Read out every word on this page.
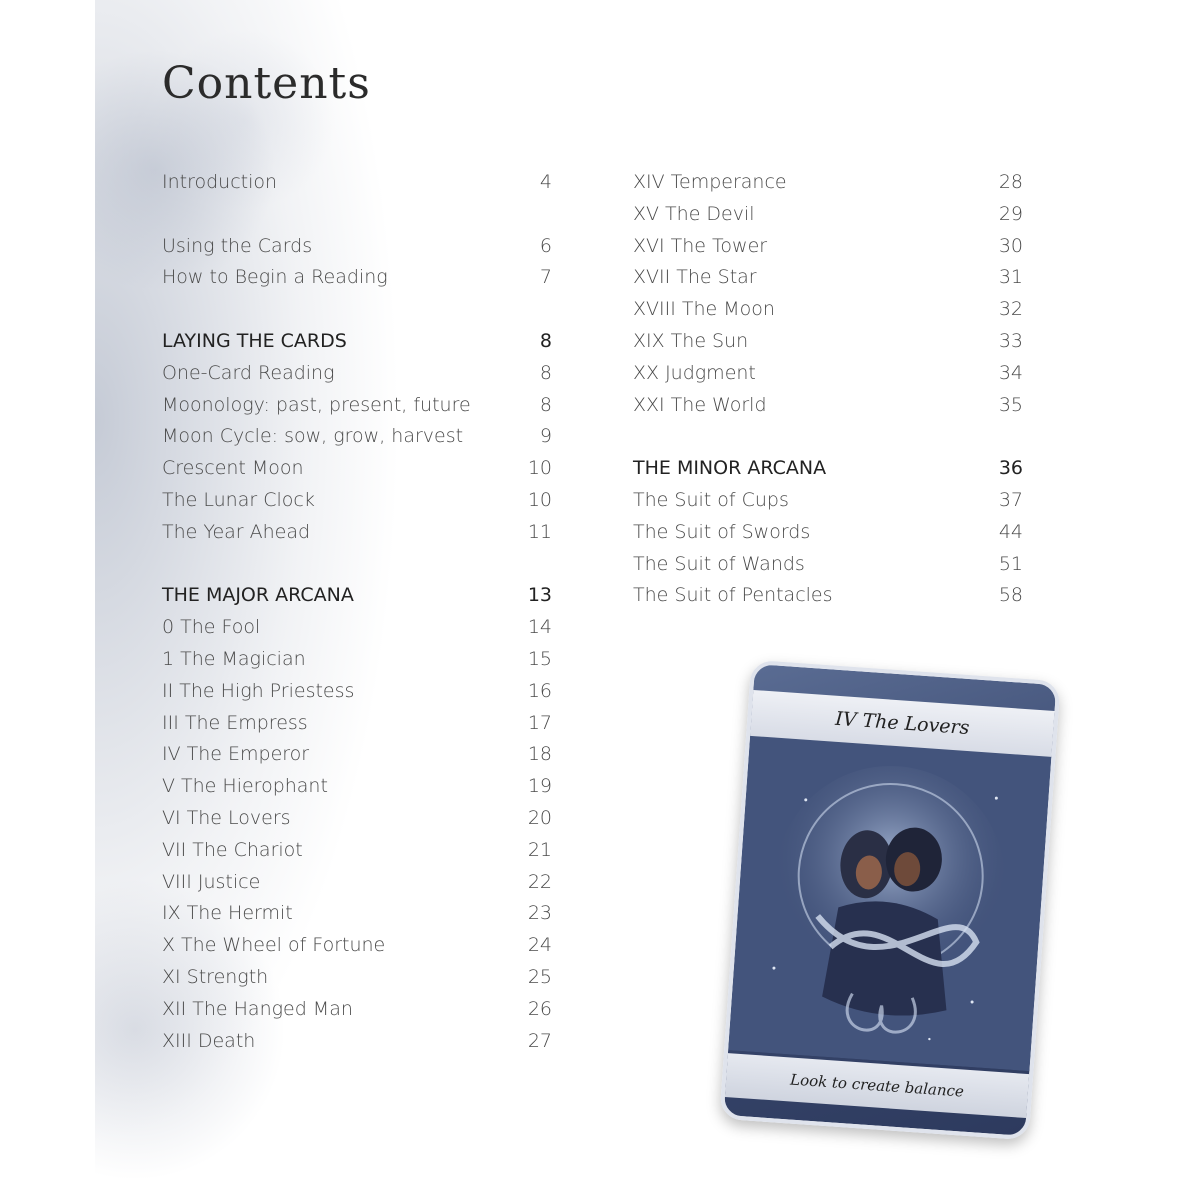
Contents
Introduction	4
Using the Cards	6
How to Begin a Reading	7
LAYING THE CARDS	8
One-Card Reading	8
Moonology: past, present, future	8
Moon Cycle: sow, grow, harvest	9
Crescent Moon	10
The Lunar Clock	10
The Year Ahead	11
THE MAJOR ARCANA	13
0 The Fool	14
1 The Magician	15
II The High Priestess	16
III The Empress	17
IV The Emperor	18
V The Hierophant	19
VI The Lovers	20
VII The Chariot	21
VIII Justice	22
IX The Hermit	23
X The Wheel of Fortune	24
XI Strength	25
XII The Hanged Man	26
XIII Death	27
XIV Temperance	28
XV The Devil	29
XVI The Tower	30
XVII The Star	31
XVIII The Moon	32
XIX The Sun	33
XX Judgment	34
XXI The World	35
THE MINOR ARCANA	36
The Suit of Cups	37
The Suit of Swords	44
The Suit of Wands	51
The Suit of Pentacles	58
IV The Lovers
Look to create balance
